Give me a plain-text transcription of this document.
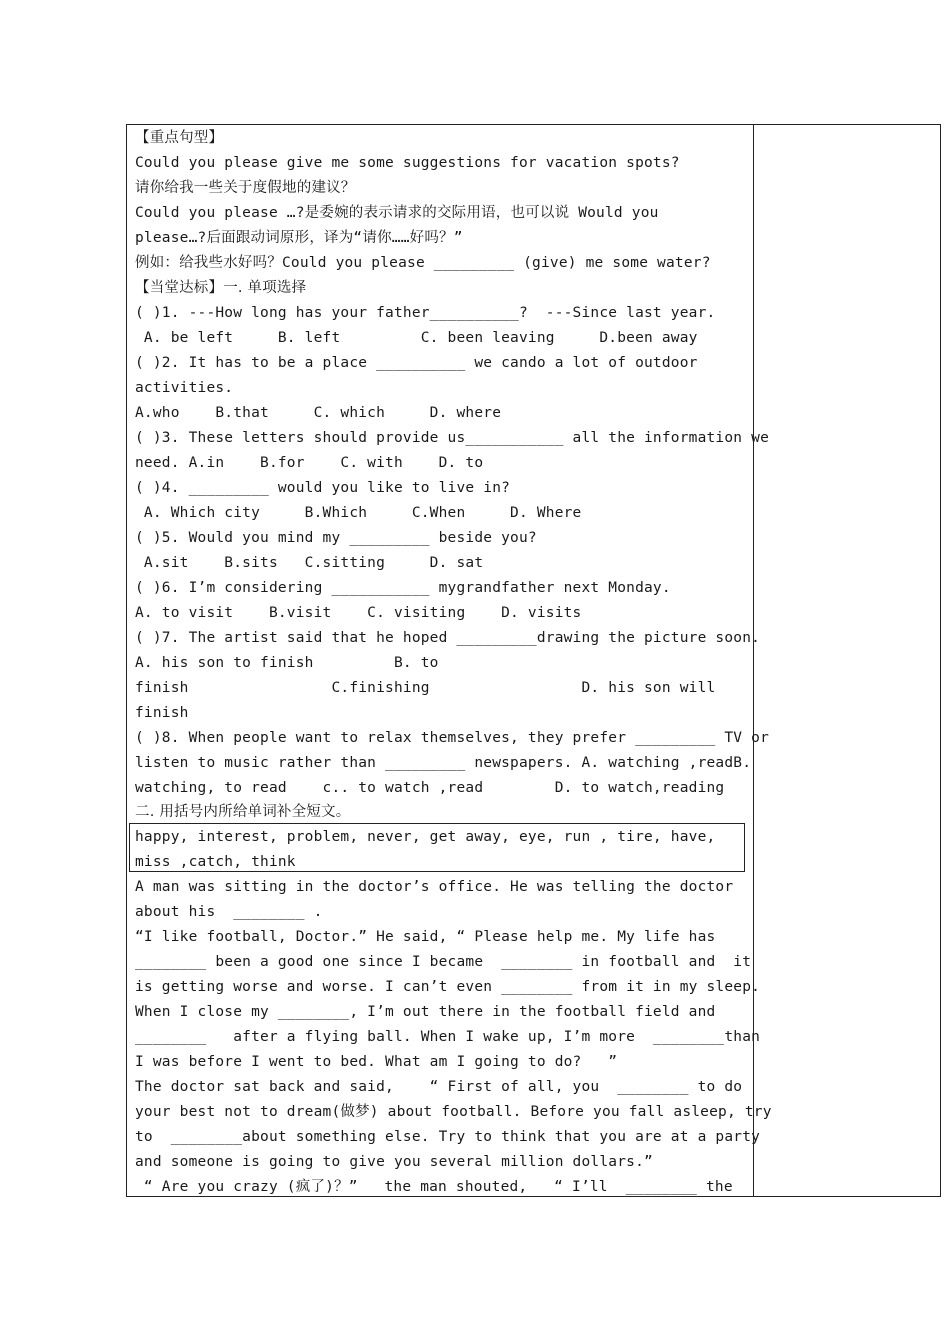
【重点句型】
Could you please give me some suggestions for vacation spots?
请你给我一些关于度假地的建议？
Could you please …?是委婉的表示请求的交际用语，也可以说 Would you
please…?后面跟动词原形，译为“请你……好吗？”
例如：给我些水好吗？Could you please _________ (give) me some water?
【当堂达标】一. 单项选择
( )1. ---How long has your father__________?  ---Since last year.
A. be left     B. left         C. been leaving     D.been away
( )2. It has to be a place __________ we cando a lot of outdoor
activities.
A.who    B.that     C. which     D. where
( )3. These letters should provide us___________ all the information we
need. A.in    B.for    C. with    D. to
( )4. _________ would you like to live in?
A. Which city     B.Which     C.When     D. Where
( )5. Would you mind my _________ beside you?
A.sit    B.sits   C.sitting     D. sat
( )6. I’m considering ___________ mygrandfather next Monday.
A. to visit    B.visit    C. visiting    D. visits
( )7. The artist said that he hoped _________drawing the picture soon.
A. his son to finish         B. to
finish                C.finishing                 D. his son will
finish
( )8. When people want to relax themselves, they prefer _________ TV or
listen to music rather than _________ newspapers. A. watching ,readB.
watching, to read    c.. to watch ,read        D. to watch,reading
二. 用括号内所给单词补全短文。
happy, interest, problem, never, get away, eye, run , tire, have,
miss ,catch, think
A man was sitting in the doctor’s office. He was telling the doctor
about his  ________ .
“I like football, Doctor.” He said, “ Please help me. My life has
________ been a good one since I became  ________ in football and  it
is getting worse and worse. I can’t even ________ from it in my sleep.
When I close my ________, I’m out there in the football field and
________   after a flying ball. When I wake up, I’m more  ________than
I was before I went to bed. What am I going to do?   ”
The doctor sat back and said,    “ First of all, you  ________ to do
your best not to dream(做梦) about football. Before you fall asleep, try
to  ________about something else. Try to think that you are at a party
and someone is going to give you several million dollars.”
“ Are you crazy (疯了)？”   the man shouted,   “ I’ll  ________ the
